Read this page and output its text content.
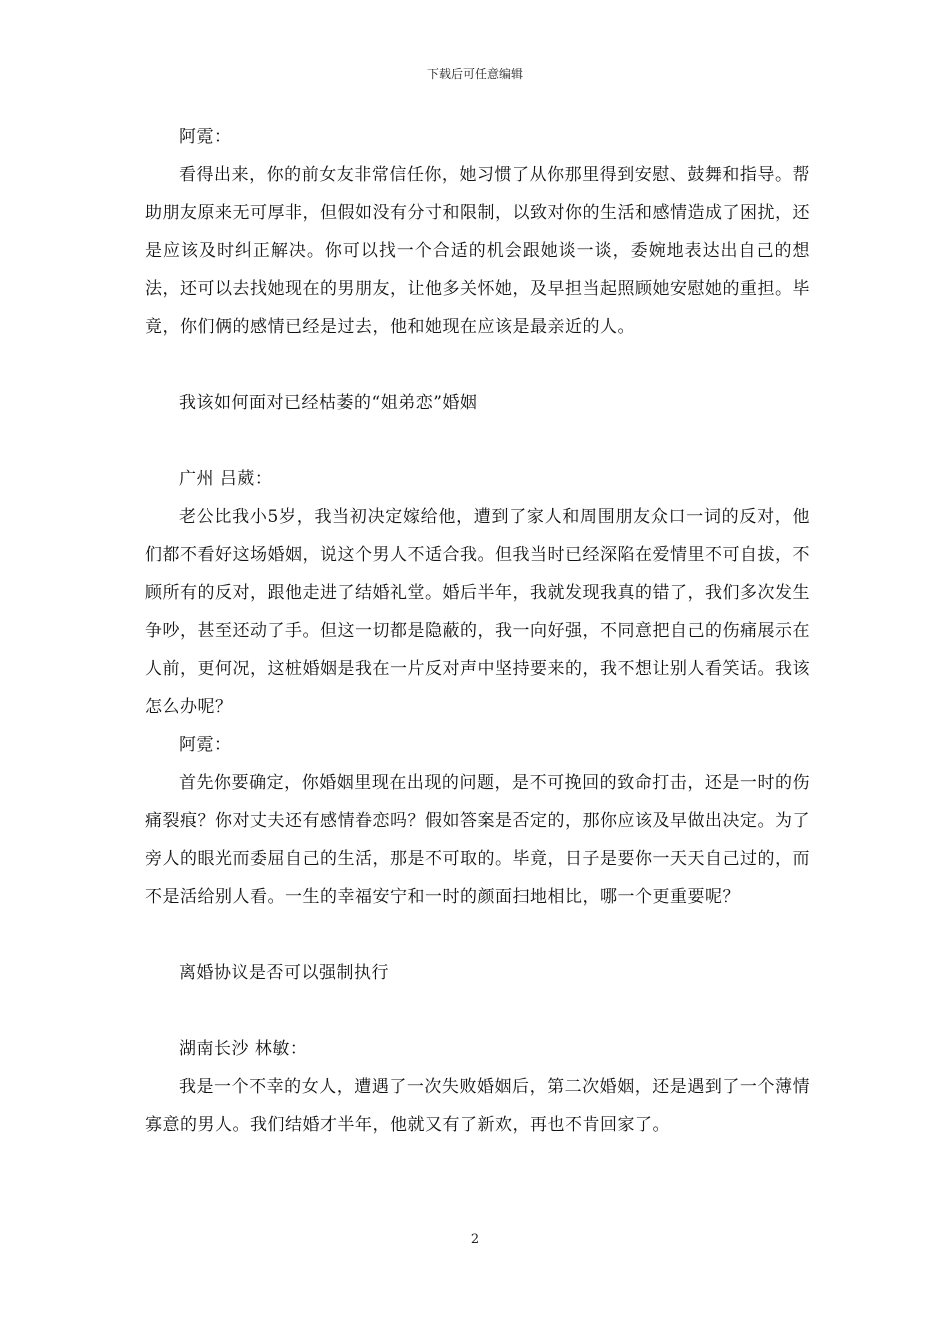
下载后可任意编辑

阿霓：

看得出来，你的前女友非常信任你，她习惯了从你那里得到安慰、鼓舞和指导。帮助朋友原来无可厚非，但假如没有分寸和限制，以致对你的生活和感情造成了困扰，还是应该及时纠正解决。你可以找一个合适的机会跟她谈一谈，委婉地表达出自己的想法，还可以去找她现在的男朋友，让他多关怀她，及早担当起照顾她安慰她的重担。毕竟，你们俩的感情已经是过去，他和她现在应该是最亲近的人。

我该如何面对已经枯萎的“姐弟恋”婚姻

广州 吕葳：

老公比我小5岁，我当初决定嫁给他，遭到了家人和周围朋友众口一词的反对，他们都不看好这场婚姻，说这个男人不适合我。但我当时已经深陷在爱情里不可自拔，不顾所有的反对，跟他走进了结婚礼堂。婚后半年，我就发现我真的错了，我们多次发生争吵，甚至还动了手。但这一切都是隐蔽的，我一向好强，不同意把自己的伤痛展示在人前，更何况，这桩婚姻是我在一片反对声中坚持要来的，我不想让别人看笑话。我该怎么办呢？

阿霓：

首先你要确定，你婚姻里现在出现的问题，是不可挽回的致命打击，还是一时的伤痛裂痕？你对丈夫还有感情眷恋吗？假如答案是否定的，那你应该及早做出决定。为了旁人的眼光而委屈自己的生活，那是不可取的。毕竟，日子是要你一天天自己过的，而不是活给别人看。一生的幸福安宁和一时的颜面扫地相比，哪一个更重要呢？

离婚协议是否可以强制执行

湖南长沙 林敏：

我是一个不幸的女人，遭遇了一次失败婚姻后，第二次婚姻，还是遇到了一个薄情寡意的男人。我们结婚才半年，他就又有了新欢，再也不肯回家了。

2
